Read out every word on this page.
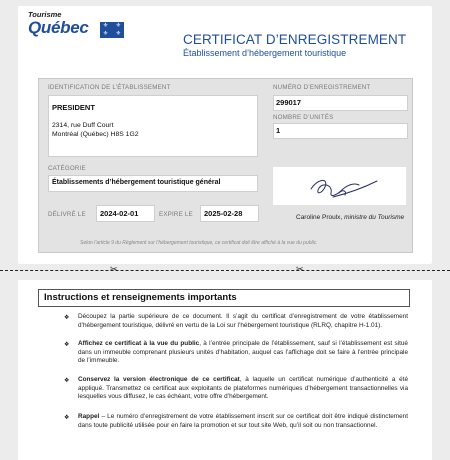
Tourisme
Québec	⚜	⚜
⚜	⚜	CERTIFICAT D’ENREGISTREMENT
Établissement d’hébergement touristique
IDENTIFICATION DE L’ÉTABLISSEMENT
PRESIDENT
2314, rue Duff Court
Montréal (Québec) H8S 1G2
NUMÉRO D’ENREGISTREMENT
299017
NOMBRE D’UNITÉS
1
CATÉGORIE
Établissements d’hébergement touristique général
DÉLIVRÉ LE 2024-02-01	EXPIRE LE 2025-02-28	Caroline Proulx, ministre du Tourisme
Selon l’article 9 du Règlement sur l’hébergement touristique, ce certificat doit être affiché à la vue du public.
✂	✂
Instructions et renseignements importants
❖ Découpez la partie supérieure de ce document. Il s’agit du certificat d’enregistrement de votre établissement d’hébergement touristique, délivré en vertu de la Loi sur l’hébergement touristique (RLRQ, chapitre H-1.01).
❖ Affichez ce certificat à la vue du public, à l’entrée principale de l’établissement, sauf si l’établissement est situé dans un immeuble comprenant plusieurs unités d’habitation, auquel cas l’affichage doit se faire à l’entrée principale de l’immeuble.
❖ Conservez la version électronique de ce certificat, à laquelle un certificat numérique d’authenticité a été appliqué. Transmettez ce certificat aux exploitants de plateformes numériques d’hébergement transactionnelles via lesquelles vous diffusez, le cas échéant, votre offre d’hébergement.
❖ Rappel – Le numéro d’enregistrement de votre établissement inscrit sur ce certificat doit être indiqué distinctement dans toute publicité utilisée pour en faire la promotion et sur tout site Web, qu’il soit ou non transactionnel.
